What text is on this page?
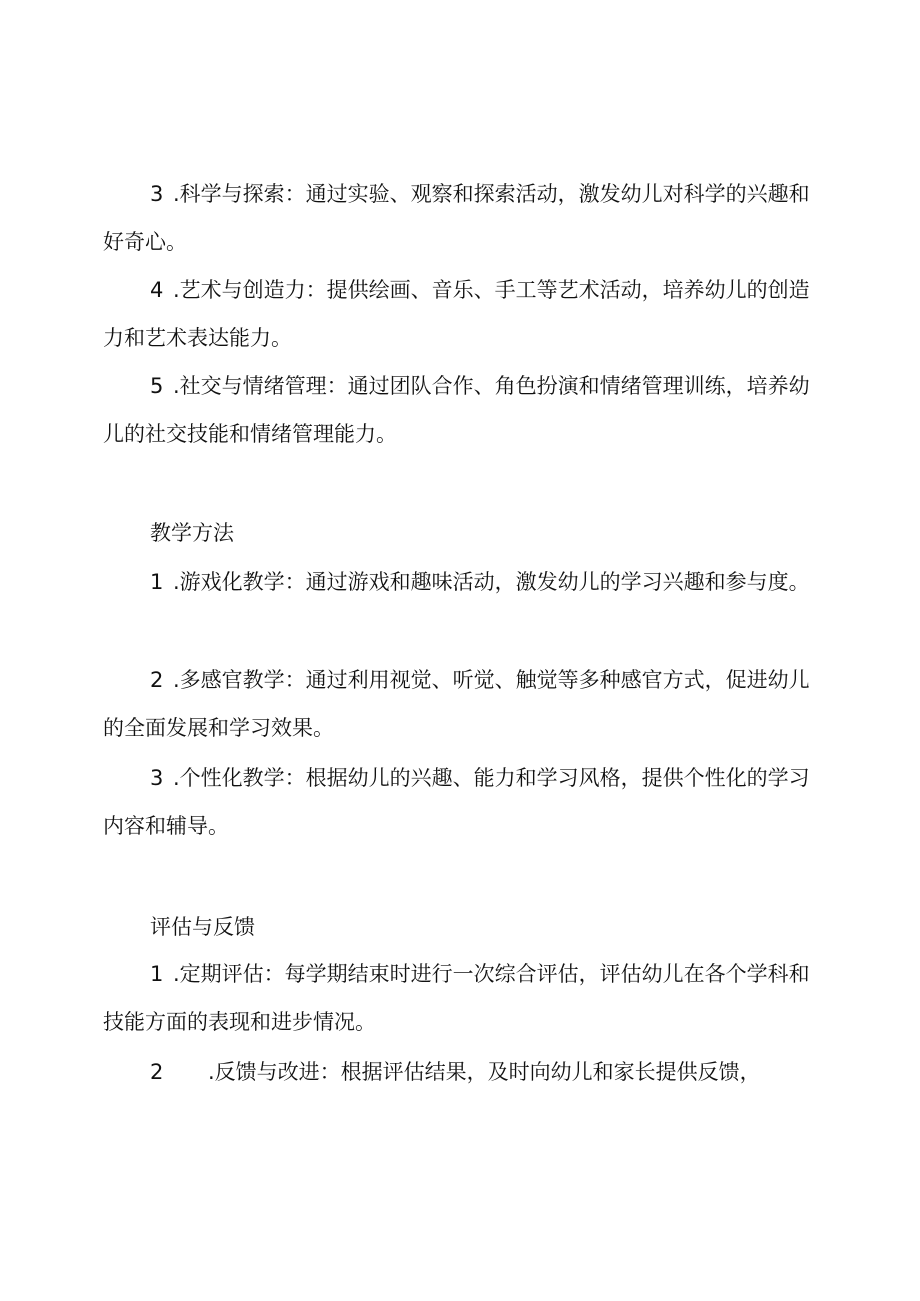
3 .科学与探索：通过实验、观察和探索活动，激发幼儿对科学的兴趣和好奇心。

4 .艺术与创造力：提供绘画、音乐、手工等艺术活动，培养幼儿的创造力和艺术表达能力。

5 .社交与情绪管理：通过团队合作、角色扮演和情绪管理训练，培养幼儿的社交技能和情绪管理能力。

教学方法

1 .游戏化教学：通过游戏和趣味活动，激发幼儿的学习兴趣和参与度。

2 .多感官教学：通过利用视觉、听觉、触觉等多种感官方式，促进幼儿的全面发展和学习效果。

3 .个性化教学：根据幼儿的兴趣、能力和学习风格，提供个性化的学习内容和辅导。

评估与反馈

1 .定期评估：每学期结束时进行一次综合评估，评估幼儿在各个学科和技能方面的表现和进步情况。

2 .反馈与改进：根据评估结果，及时向幼儿和家长提供反馈，
